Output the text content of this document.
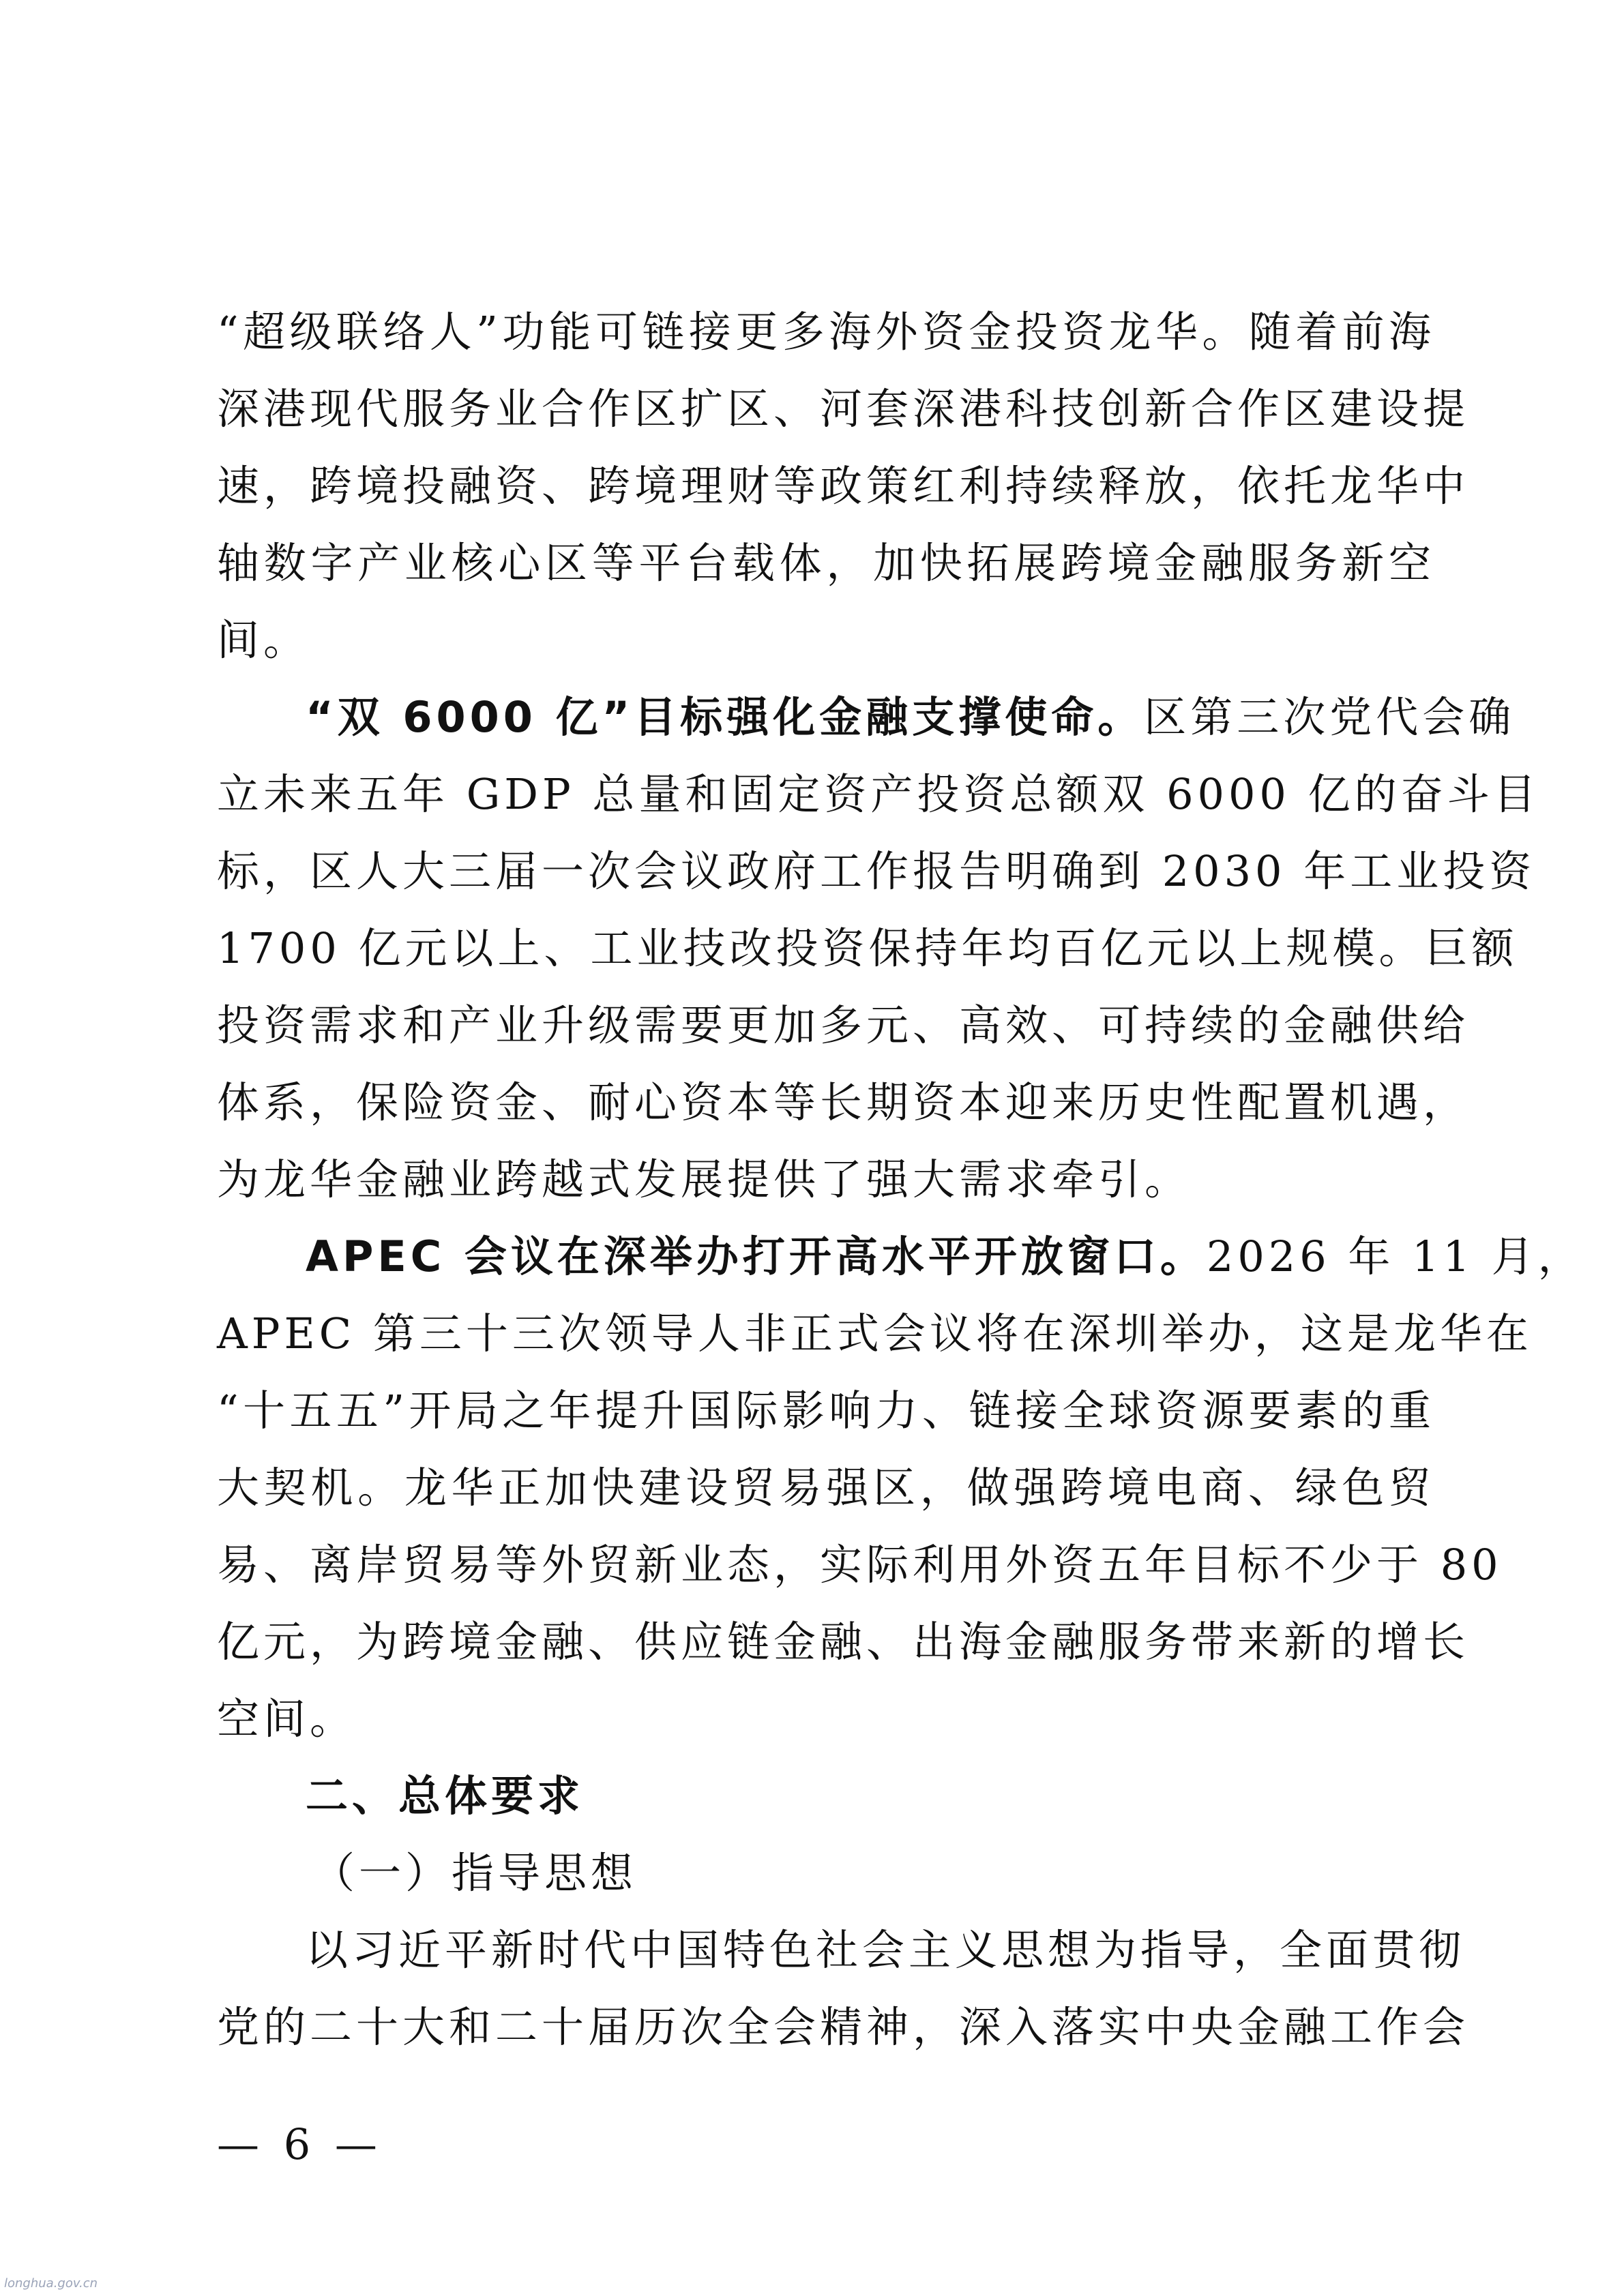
“超级联络人”功能可链接更多海外资金投资龙华。随着前海
深港现代服务业合作区扩区、河套深港科技创新合作区建设提
速，跨境投融资、跨境理财等政策红利持续释放，依托龙华中
轴数字产业核心区等平台载体，加快拓展跨境金融服务新空
间。
“双 6000 亿”目标强化金融支撑使命。区第三次党代会确
立未来五年 GDP 总量和固定资产投资总额双 6000 亿的奋斗目
标，区人大三届一次会议政府工作报告明确到 2030 年工业投资
1700 亿元以上、工业技改投资保持年均百亿元以上规模。巨额
投资需求和产业升级需要更加多元、高效、可持续的金融供给
体系，保险资金、耐心资本等长期资本迎来历史性配置机遇，
为龙华金融业跨越式发展提供了强大需求牵引。
APEC 会议在深举办打开高水平开放窗口。2026 年 11 月，
APEC 第三十三次领导人非正式会议将在深圳举办，这是龙华在
“十五五”开局之年提升国际影响力、链接全球资源要素的重
大契机。龙华正加快建设贸易强区，做强跨境电商、绿色贸
易、离岸贸易等外贸新业态，实际利用外资五年目标不少于 80
亿元，为跨境金融、供应链金融、出海金融服务带来新的增长
空间。
二、总体要求
（一）指导思想
以习近平新时代中国特色社会主义思想为指导，全面贯彻
党的二十大和二十届历次全会精神，深入落实中央金融工作会
— 6 —
longhua.gov.cn
